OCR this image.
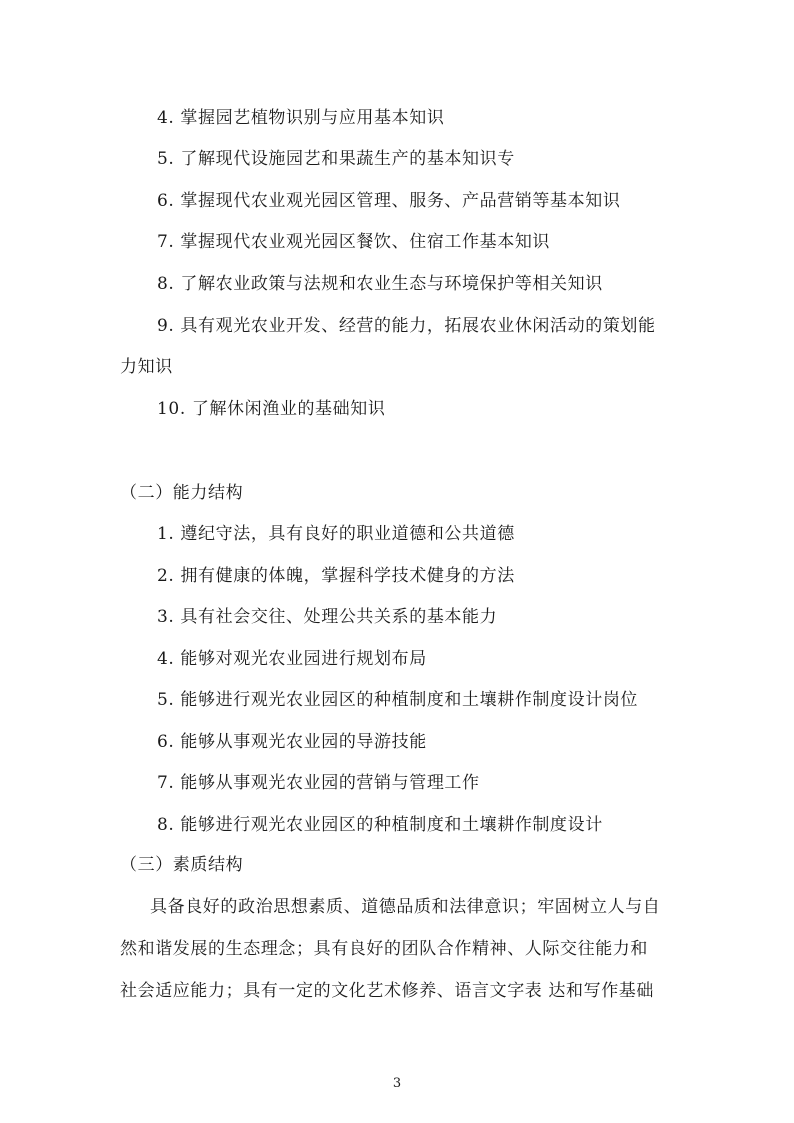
4. 掌握园艺植物识别与应用基本知识
5. 了解现代设施园艺和果蔬生产的基本知识专
6. 掌握现代农业观光园区管理、服务、产品营销等基本知识
7. 掌握现代农业观光园区餐饮、住宿工作基本知识
8. 了解农业政策与法规和农业生态与环境保护等相关知识
9. 具有观光农业开发、经营的能力，拓展农业休闲活动的策划能
力知识
10. 了解休闲渔业的基础知识
（二）能力结构
1. 遵纪守法，具有良好的职业道德和公共道德
2. 拥有健康的体魄，掌握科学技术健身的方法
3. 具有社会交往、处理公共关系的基本能力
4. 能够对观光农业园进行规划布局
5. 能够进行观光农业园区的种植制度和土壤耕作制度设计岗位
6. 能够从事观光农业园的导游技能
7. 能够从事观光农业园的营销与管理工作
8. 能够进行观光农业园区的种植制度和土壤耕作制度设计
（三）素质结构
具备良好的政治思想素质、道德品质和法律意识；牢固树立人与自
然和谐发展的生态理念；具有良好的团队合作精神、人际交往能力和
社会适应能力；具有一定的文化艺术修养、语言文字表 达和写作基础
3
